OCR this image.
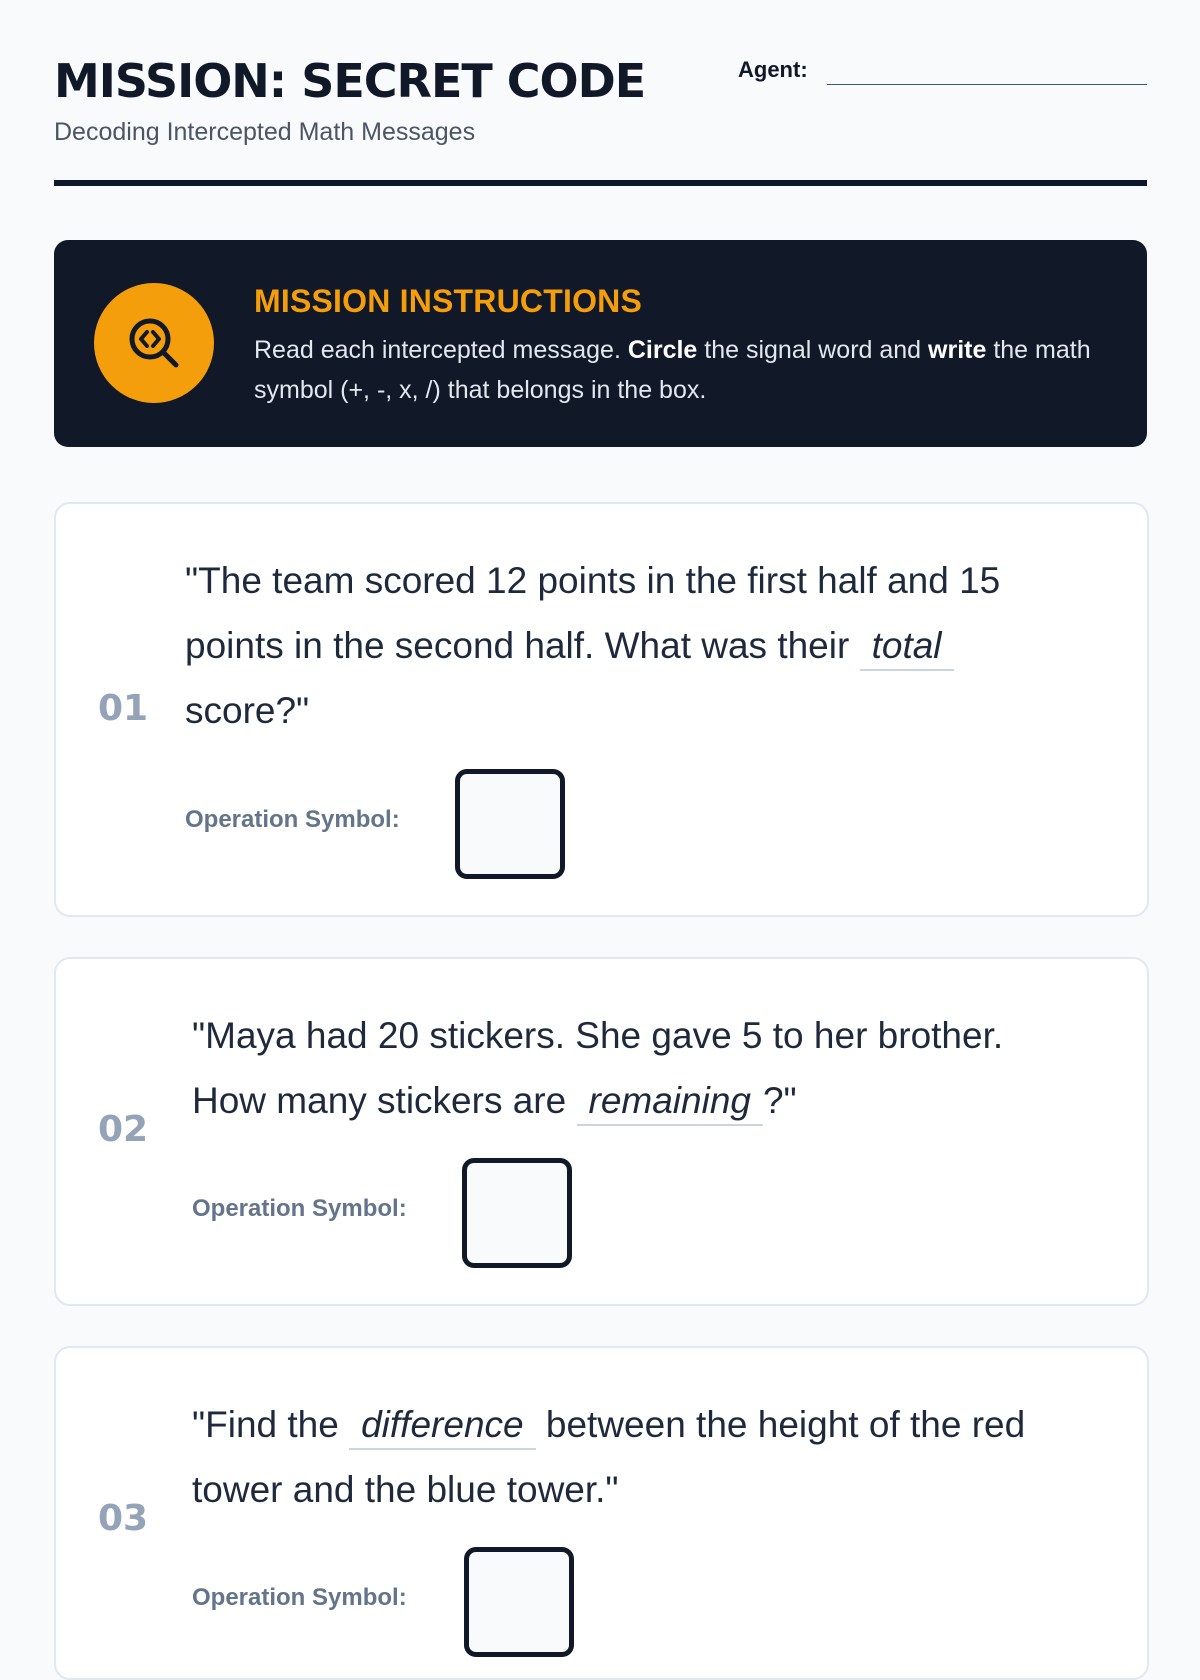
MISSION: SECRET CODE

Decoding Intercepted Math Messages

Agent:
MISSION INSTRUCTIONS
Read each intercepted message. Circle the signal word and write the math symbol (+, -, x, /) that belongs in the box.
01
"The team scored 12 points in the first half and 15 points in the second half. What was their total score?"
Operation Symbol:
02
"Maya had 20 stickers. She gave 5 to her brother. How many stickers are remaining ?"
Operation Symbol:
03
"Find the difference between the height of the red tower and the blue tower."
Operation Symbol:
